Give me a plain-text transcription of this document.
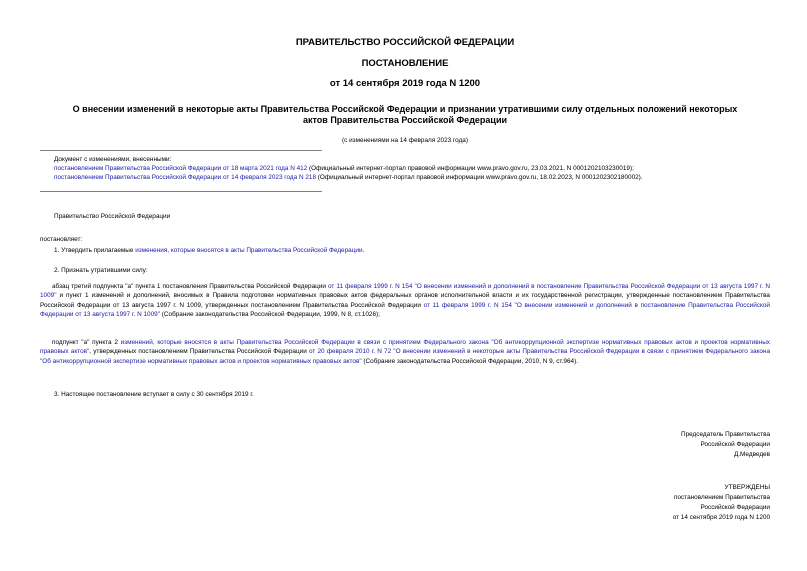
ПРАВИТЕЛЬСТВО РОССИЙСКОЙ ФЕДЕРАЦИИ
ПОСТАНОВЛЕНИЕ
от 14 сентября 2019 года N 1200
О внесении изменений в некоторые акты Правительства Российской Федерации и признании утратившими силу отдельных положений некоторых актов Правительства Российской Федерации
(с изменениями на 14 февраля 2023 года)
Документ с изменениями, внесенными:
постановлением Правительства Российской Федерации от 18 марта 2021 года N 412 (Официальный интернет-портал правовой информации www.pravo.gov.ru, 23.03.2021, N 0001202103230019);
постановлением Правительства Российской Федерации от 14 февраля 2023 года N 218 (Официальный интернет-портал правовой информации www.pravo.gov.ru, 18.02.2023, N 0001202302180002).
Правительство Российской Федерации
постановляет:
1. Утвердить прилагаемые изменения, которые вносятся в акты Правительства Российской Федерации.
2. Признать утратившими силу:
абзац третий подпункта "а" пункта 1 постановления Правительства Российской Федерации от 11 февраля 1999 г. N 154 "О внесении изменений и дополнений в постановление Правительства Российской Федерации от 13 августа 1997 г. N 1009" и пункт 1 изменений и дополнений, вносимых в Правила подготовки нормативных правовых актов федеральных органов исполнительной власти и их государственной регистрации, утвержденные постановлением Правительства Российской Федерации от 13 августа 1997 г. N 1009, утвержденных постановлением Правительства Российской Федерации от 11 февраля 1999 г. N 154 "О внесении изменений и дополнений в постановление Правительства Российской Федерации от 13 августа 1997 г. N 1009" (Собрание законодательства Российской Федерации, 1999, N 8, ст.1026);
подпункт "а" пункта 2 изменений, которые вносятся в акты Правительства Российской Федерации в связи с принятием Федерального закона "Об антикоррупционной экспертизе нормативных правовых актов и проектов нормативных правовых актов", утвержденных постановлением Правительства Российской Федерации от 20 февраля 2010 г. N 72 "О внесении изменений в некоторые акты Правительства Российской Федерации в связи с принятием Федерального закона "Об антикоррупционной экспертизе нормативных правовых актов и проектов нормативных правовых актов" (Собрание законодательства Российской Федерации, 2010, N 9, ст.964).
3. Настоящее постановление вступает в силу с 30 сентября 2019 г.
Председатель Правительства
Российской Федерации
Д.Медведев
УТВЕРЖДЕНЫ
постановлением Правительства
Российской Федерации
от 14 сентября 2019 года N 1200
